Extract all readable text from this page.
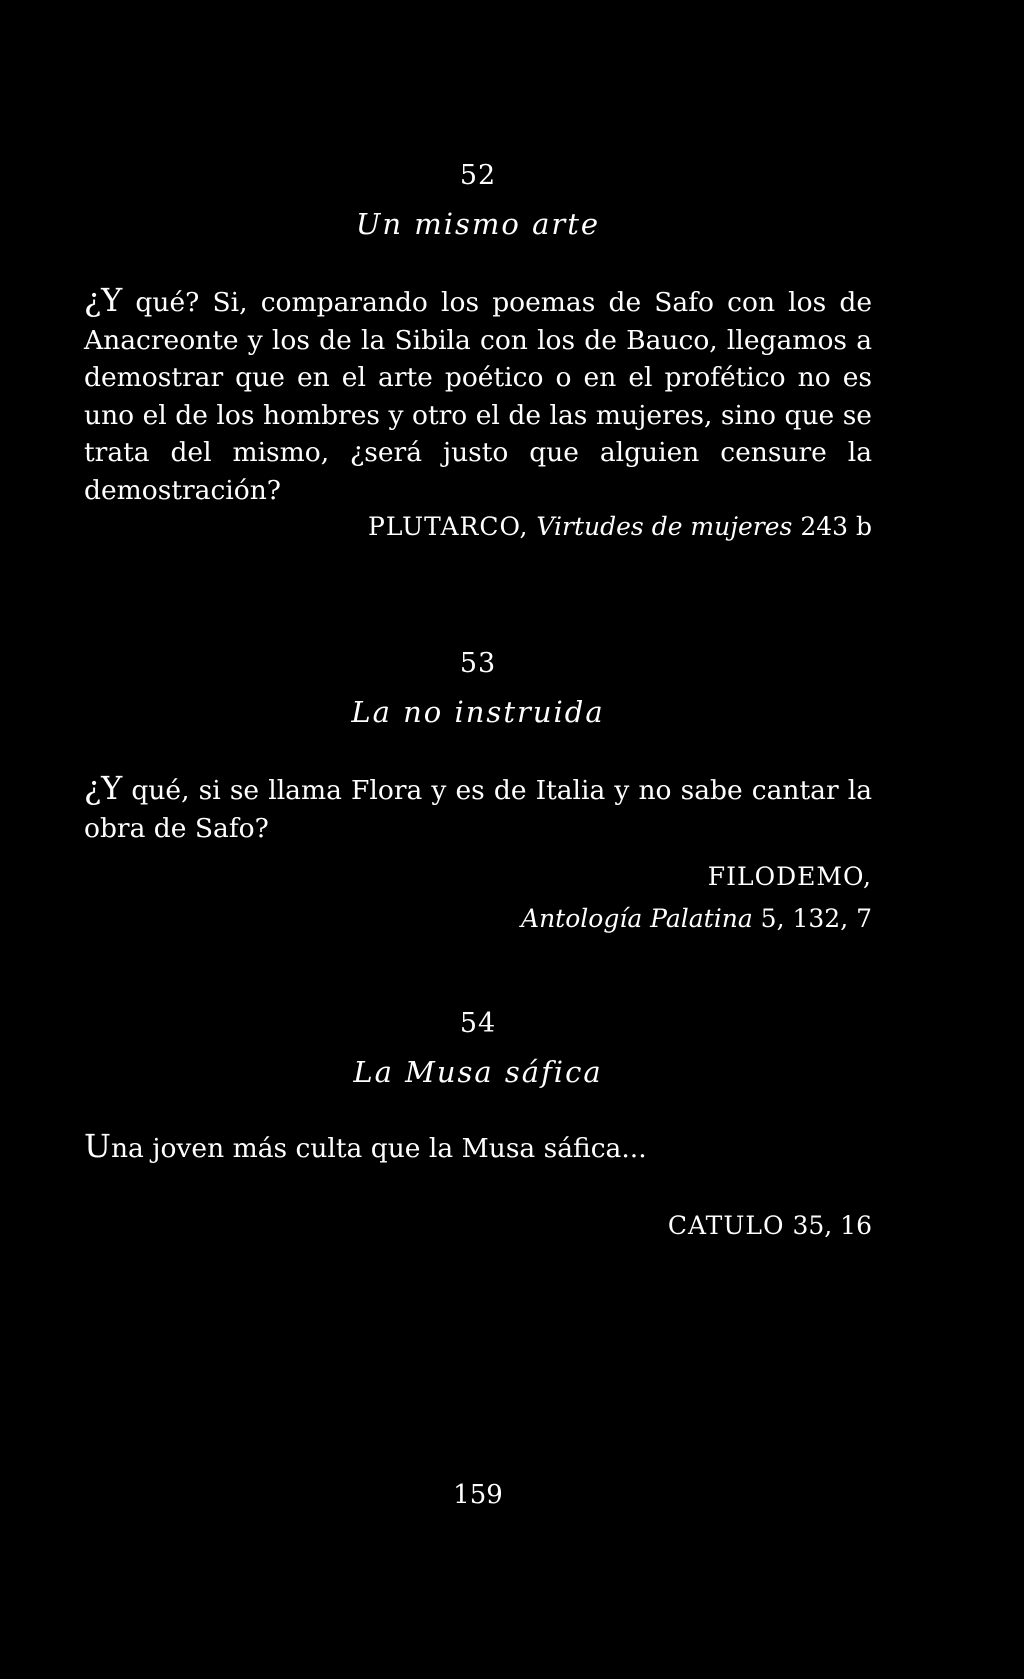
52
Un mismo arte
¿Y qué? Si, comparando los poemas de Safo con los de Anacreonte y los de la Sibila con los de Bauco, llegamos a demostrar que en el arte poético o en el profético no es uno el de los hombres y otro el de las mujeres, sino que se trata del mismo, ¿será justo que alguien censure la demostración?
PLUTARCO, Virtudes de mujeres 243 b
53
La no instruida
¿Y qué, si se llama Flora y es de Italia y no sabe cantar la obra de Safo?
FILODEMO,
Antología Palatina 5, 132, 7
54
La Musa sáfica
Una joven más culta que la Musa sáfica...
CATULO 35, 16
159
